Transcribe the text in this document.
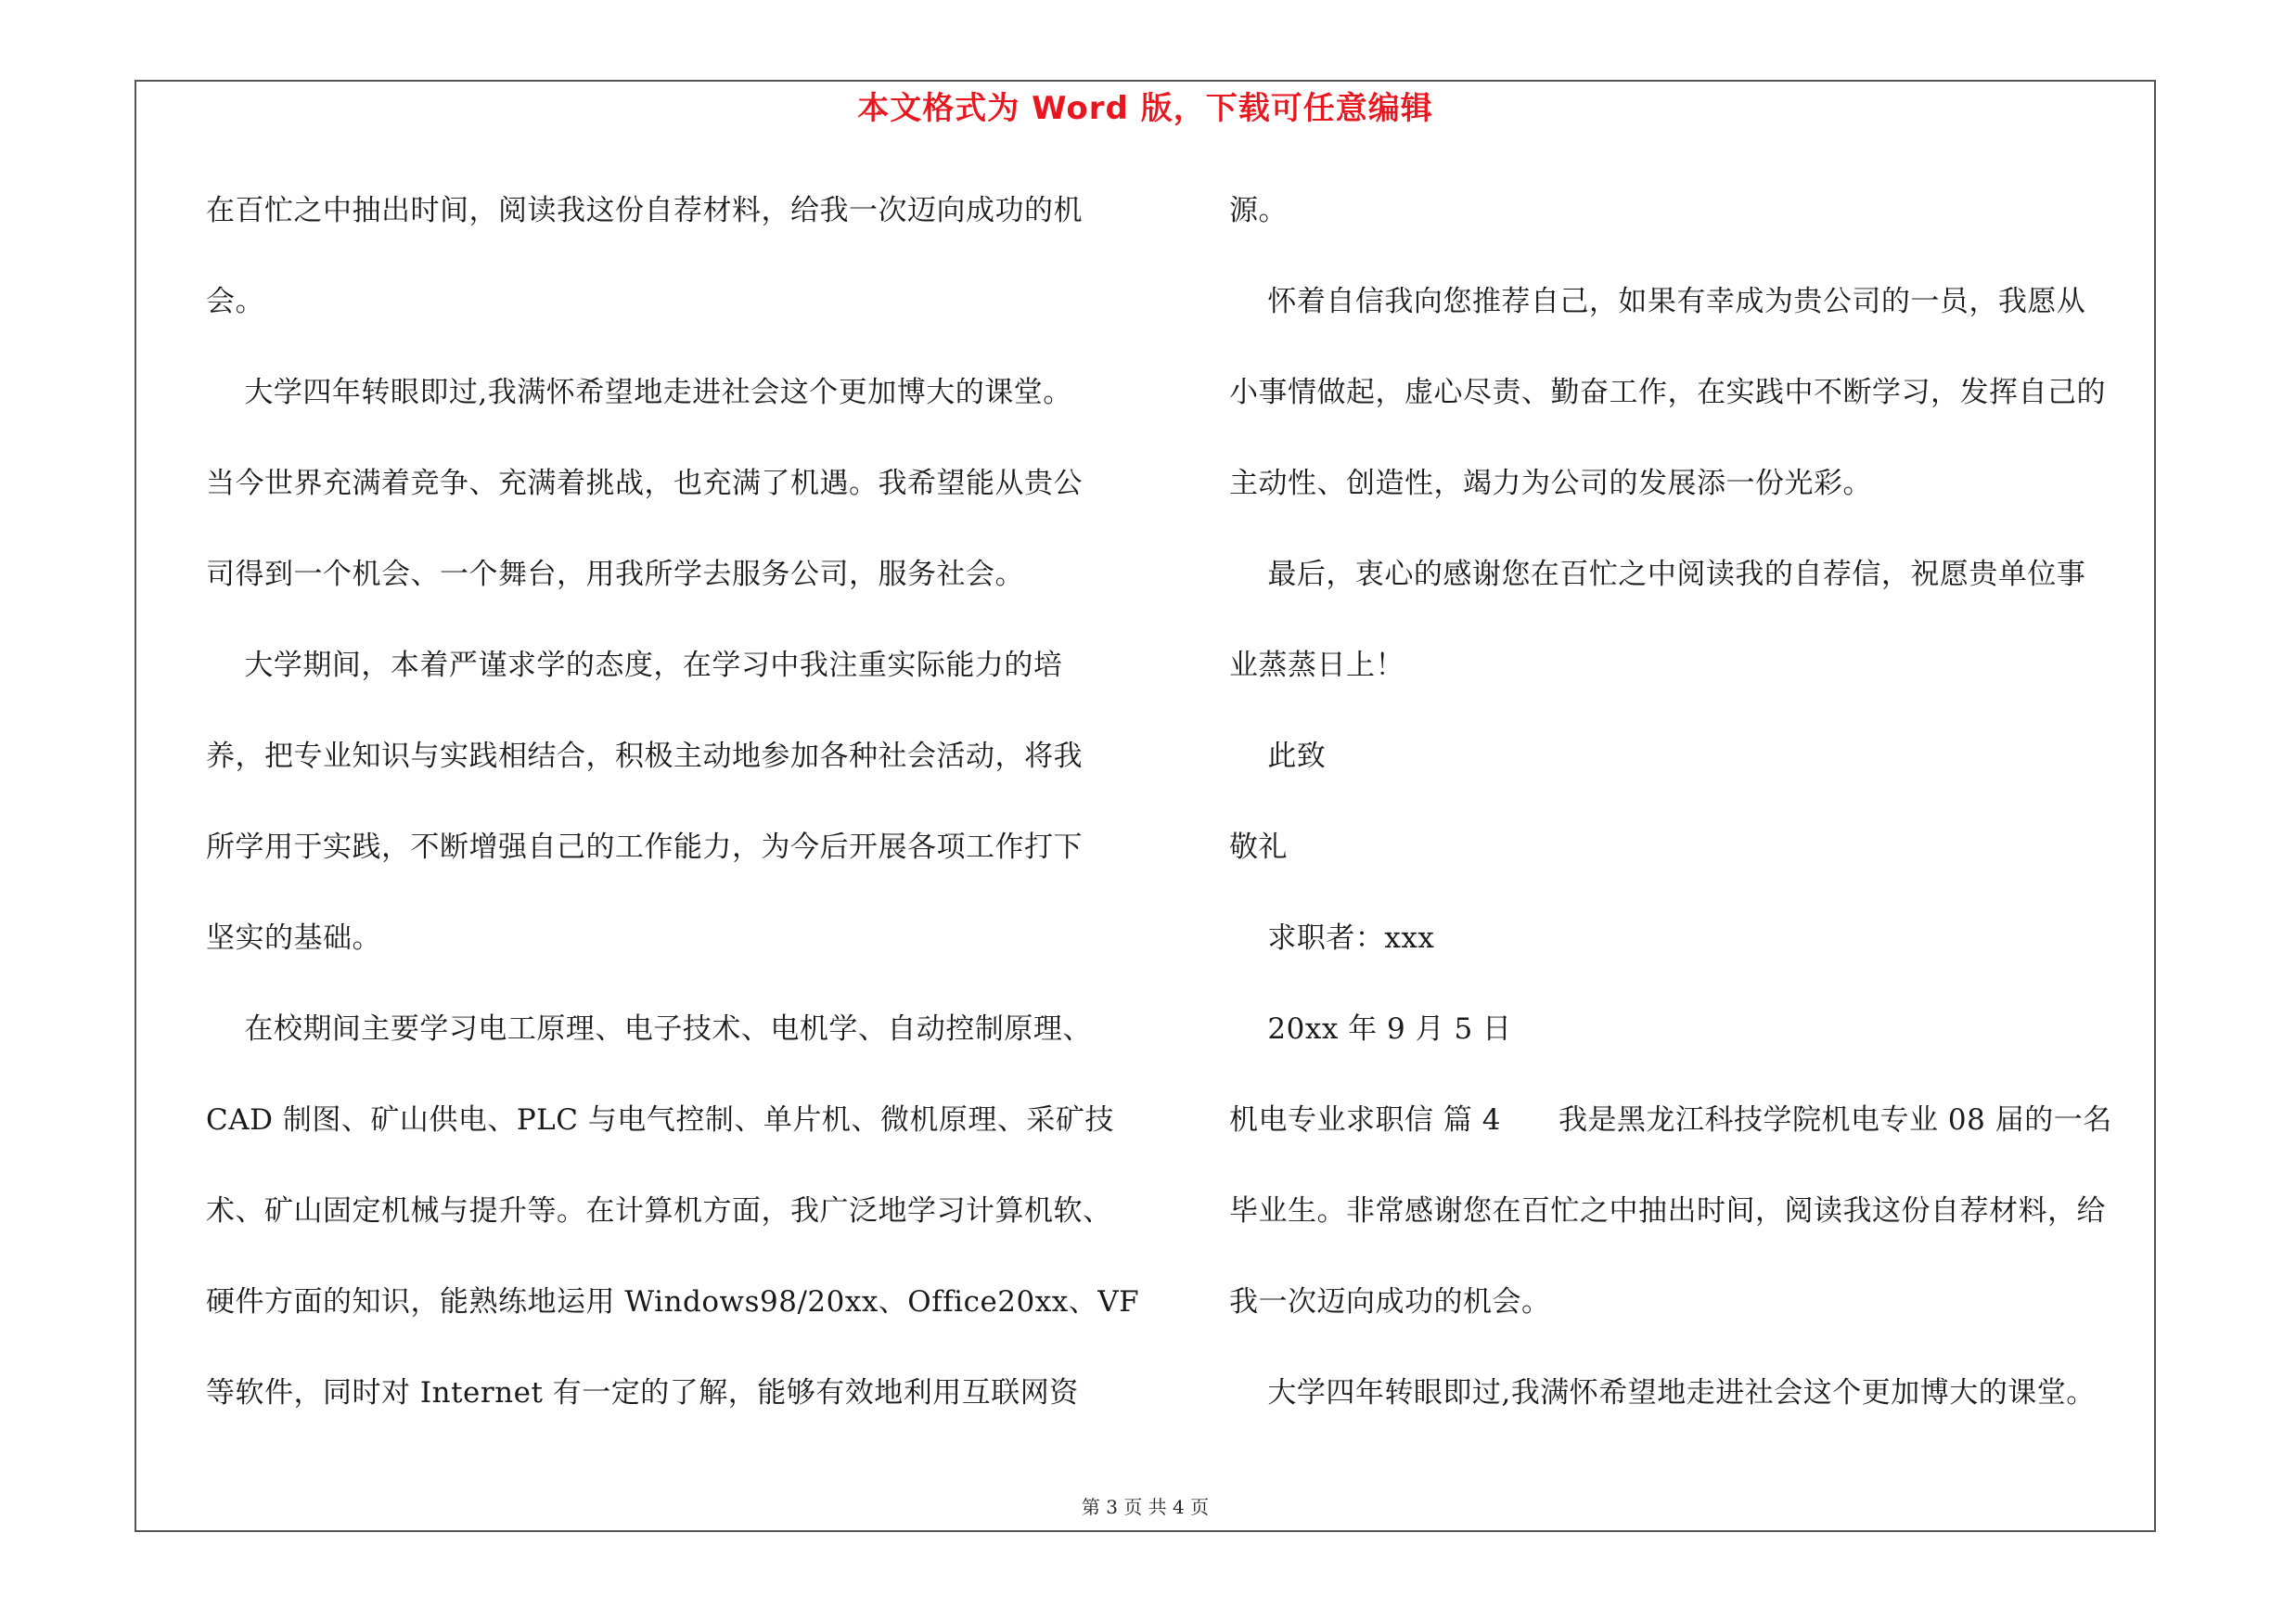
本文格式为 Word 版，下载可任意编辑
在百忙之中抽出时间，阅读我这份自荐材料，给我一次迈向成功的机
会。
大学四年转眼即过,我满怀希望地走进社会这个更加博大的课堂。
当今世界充满着竞争、充满着挑战，也充满了机遇。我希望能从贵公
司得到一个机会、一个舞台，用我所学去服务公司，服务社会。
大学期间，本着严谨求学的态度，在学习中我注重实际能力的培
养，把专业知识与实践相结合，积极主动地参加各种社会活动，将我
所学用于实践，不断增强自己的工作能力，为今后开展各项工作打下
坚实的基础。
在校期间主要学习电工原理、电子技术、电机学、自动控制原理、
CAD 制图、矿山供电、PLC 与电气控制、单片机、微机原理、采矿技
术、矿山固定机械与提升等。在计算机方面，我广泛地学习计算机软、
硬件方面的知识，能熟练地运用 Windows98/20xx、Office20xx、VF
等软件，同时对 Internet 有一定的了解，能够有效地利用互联网资
源。
怀着自信我向您推荐自己，如果有幸成为贵公司的一员，我愿从
小事情做起，虚心尽责、勤奋工作，在实践中不断学习，发挥自己的
主动性、创造性，竭力为公司的发展添一份光彩。
最后，衷心的感谢您在百忙之中阅读我的自荐信，祝愿贵单位事
业蒸蒸日上！
此致
敬礼
求职者：xxx
20xx 年 9 月 5 日
机电专业求职信 篇 4      我是黑龙江科技学院机电专业 08 届的一名
毕业生。非常感谢您在百忙之中抽出时间，阅读我这份自荐材料，给
我一次迈向成功的机会。
大学四年转眼即过,我满怀希望地走进社会这个更加博大的课堂。
第 3 页 共 4 页
